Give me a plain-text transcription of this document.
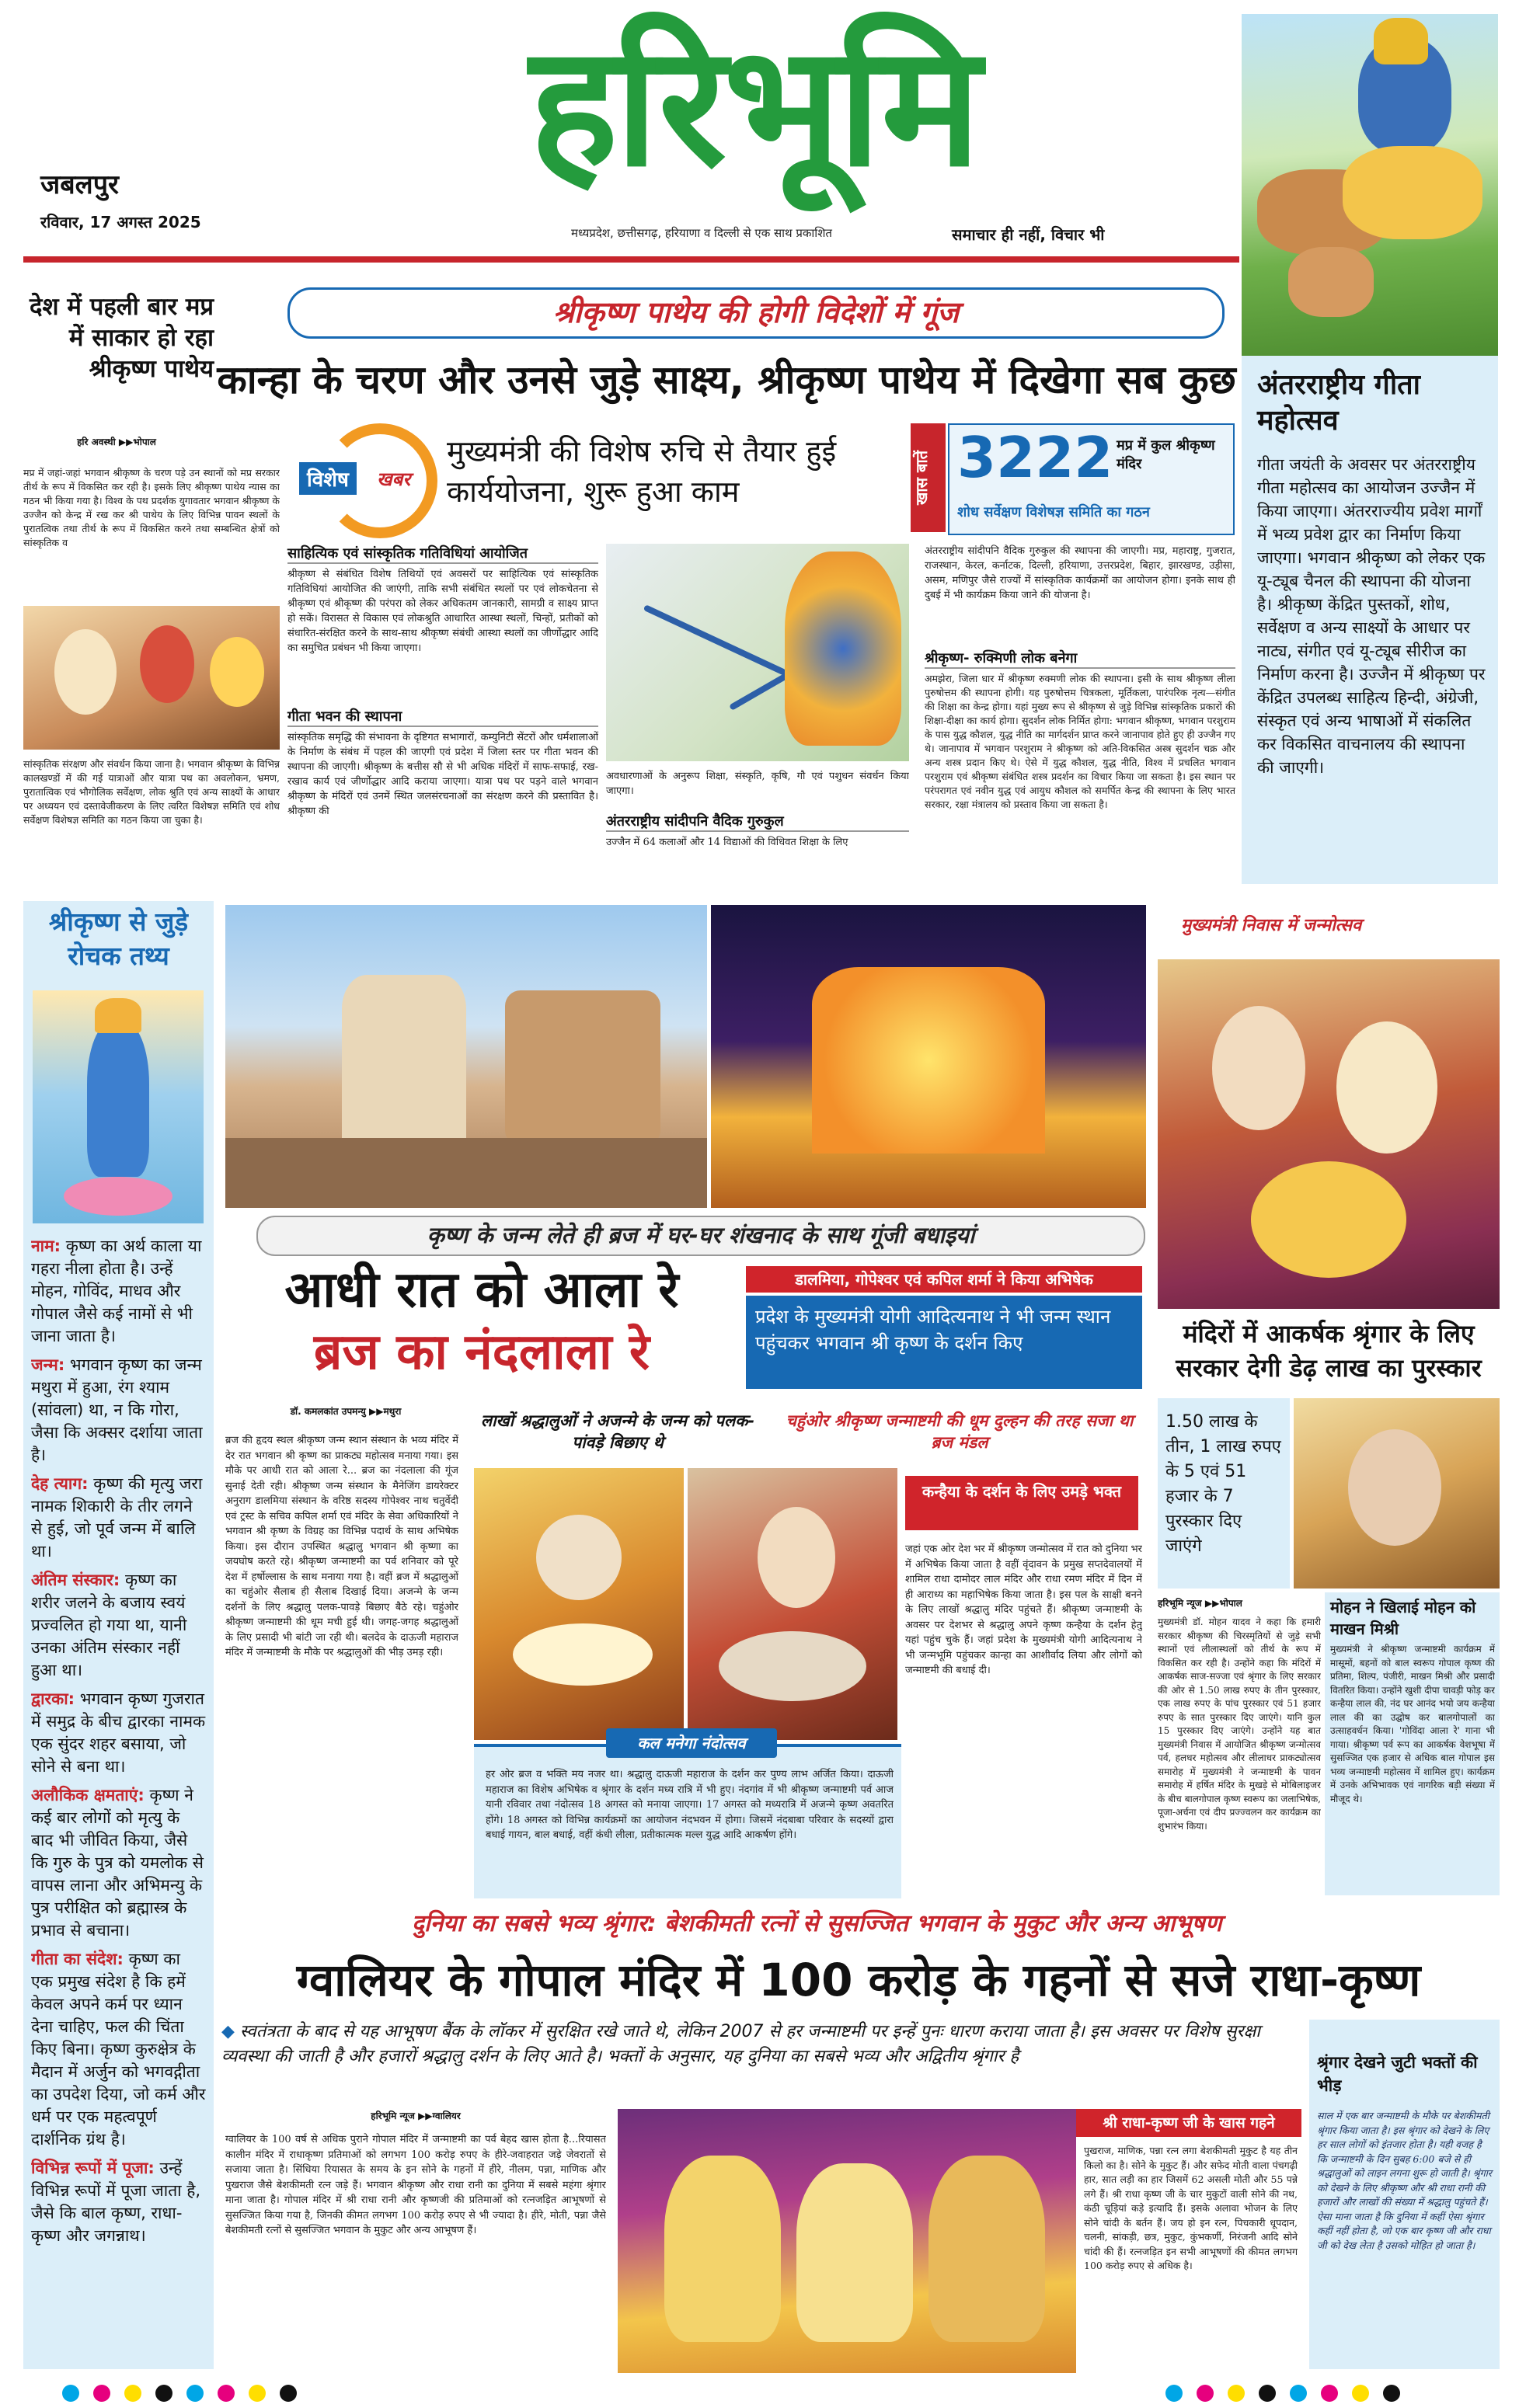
जबलपुर
रविवार, 17 अगस्त 2025
हरिभूमि
मध्यप्रदेश, छत्तीसगढ़, हरियाणा व दिल्ली से एक साथ प्रकाशित	समाचार ही नहीं, विचार भी
देश में पहली बार मप्र में साकार हो रहा श्रीकृष्ण पाथेय
हरि अवस्थी ▶▶भोपाल
मप्र में जहां-जहां भगवान श्रीकृष्ण के चरण पड़े उन स्थानों को मप्र सरकार तीर्थ के रूप में विकसित कर रही है। इसके लिए श्रीकृष्ण पाथेय न्यास का गठन भी किया गया है। विश्व के पथ प्रदर्शक युगावतार भगवान श्रीकृष्ण के उज्जैन को केन्द्र में रख कर श्री पाथेय के लिए विभिन्न पावन स्थलों के पुरातत्विक तथा तीर्थ के रूप में विकसित करने तथा सम्बन्धित क्षेत्रों को सांस्कृतिक व
सांस्कृतिक संरक्षण और संवर्धन किया जाना है। भगवान श्रीकृष्ण के विभिन्न कालखण्डों में की गई यात्राओं और यात्रा पथ का अवलोकन, भ्रमण, पुरातात्विक एवं भौगोलिक सर्वेक्षण, लोक श्रुति एवं अन्य साक्ष्यों के आधार पर अध्ययन एवं दस्तावेजीकरण के लिए त्वरित विशेषज्ञ समिति एवं शोध सर्वेक्षण विशेषज्ञ समिति का गठन किया जा चुका है।
श्रीकृष्ण पाथेय की होगी विदेशों में गूंज
कान्हा के चरण और उनसे जुड़े साक्ष्य, श्रीकृष्ण पाथेय में दिखेगा सब कुछ
विशेष	खबर
मुख्यमंत्री की विशेष रुचि से तैयार हुई कार्ययोजना, शुरू हुआ काम	खास बातें 3222 मप्र में कुल श्रीकृष्ण मंदिर
शोध सर्वेक्षण विशेषज्ञ समिति का गठन
साहित्यिक एवं सांस्कृतिक गतिविधियां आयोजित
श्रीकृष्ण से संबंधित विशेष तिथियों एवं अवसरों पर साहित्यिक एवं सांस्कृतिक गतिविधियां आयोजित की जाएंगी, ताकि सभी संबंधित स्थलों पर एवं लोकचेतना से श्रीकृष्ण एवं श्रीकृष्ण की परंपरा को लेकर अधिकतम जानकारी, सामग्री व साक्ष्य प्राप्त हो सकें। विरासत से विकास एवं लोकश्रुति आधारित आस्था स्थलों, चिन्हों, प्रतीकों को संधारित-संरक्षित करने के साथ-साथ श्रीकृष्ण संबंधी आस्था स्थलों का जीर्णोद्धार आदि का समुचित प्रबंधन भी किया जाएगा।
गीता भवन की स्थापना
सांस्कृतिक समृद्धि की संभावना के दृष्टिगत सभागारों, कम्युनिटी सेंटरों और धर्मशालाओं के निर्माण के संबंध में पहल की जाएगी एवं प्रदेश में जिला स्तर पर गीता भवन की स्थापना की जाएगी। श्रीकृष्ण के बत्तीस सौ से भी अधिक मंदिरों में साफ-सफाई, रख-रखाव कार्य एवं जीर्णोद्धार आदि कराया जाएगा। यात्रा पथ पर पड़ने वाले भगवान श्रीकृष्ण के मंदिरों एवं उनमें स्थित जलसंरचनाओं का संरक्षण करने की प्रस्तावित है। श्रीकृष्ण की
अवधारणाओं के अनुरूप शिक्षा, संस्कृति, कृषि, गौ एवं पशुधन संवर्धन किया जाएगा।
अंतरराष्ट्रीय सांदीपनि वैदिक गुरुकुल
उज्जैन में 64 कलाओं और 14 विद्याओं की विधिवत शिक्षा के लिए
अंतरराष्ट्रीय सांदीपनि वैदिक गुरुकुल की स्थापना की जाएगी। मप्र, महाराष्ट्र, गुजरात, राजस्थान, केरल, कर्नाटक, दिल्ली, हरियाणा, उत्तरप्रदेश, बिहार, झारखण्ड, उड़ीसा, असम, मणिपुर जैसे राज्यों में सांस्कृतिक कार्यक्रमों का आयोजन होगा। इनके साथ ही दुबई में भी कार्यक्रम किया जाने की योजना है।
श्रीकृष्ण- रुक्मिणी लोक बनेगा
अमझेरा, जिला धार में श्रीकृष्ण रुक्मणी लोक की स्थापना। इसी के साथ श्रीकृष्ण लीला पुरुषोत्तम की स्थापना होगी। यह पुरुषोत्तम चित्रकला, मूर्तिकला, पारंपरिक नृत्य—संगीत की शिक्षा का केन्द्र होगा। यहां मुख्य रूप से श्रीकृष्ण से जुड़े विभिन्न सांस्कृतिक प्रकारों की शिक्षा-दीक्षा का कार्य होगा। सुदर्शन लोक निर्मित होगा: भगवान श्रीकृष्ण, भगवान परशुराम के पास युद्ध कौशल, युद्ध नीति का मार्गदर्शन प्राप्त करने जानापाव होते हुए ही उज्जैन गए थे। जानापाव में भगवान परशुराम ने श्रीकृष्ण को अति-विकसित अस्त्र सुदर्शन चक्र और अन्य शस्त्र प्रदान किए थे। ऐसे में युद्ध कौशल, युद्ध नीति, विश्व में प्रचलित भगवान परशुराम एवं श्रीकृष्ण संबंधित शस्त्र प्रदर्शन का विचार किया जा सकता है। इस स्थान पर परंपरागत एवं नवीन युद्ध एवं आयुध कौशल को समर्पित केन्द्र की स्थापना के लिए भारत सरकार, रक्षा मंत्रालय को प्रस्ताव किया जा सकता है।
अंतरराष्ट्रीय गीता महोत्सव
गीता जयंती के अवसर पर अंतरराष्ट्रीय गीता महोत्सव का आयोजन उज्जैन में किया जाएगा। अंतरराज्यीय प्रवेश मार्गों में भव्य प्रवेश द्वार का निर्माण किया जाएगा। भगवान श्रीकृष्ण को लेकर एक यू-ट्यूब चैनल की स्थापना की योजना है। श्रीकृष्ण केंद्रित पुस्तकों, शोध, सर्वेक्षण व अन्य साक्ष्यों के आधार पर नाट्य, संगीत एवं यू-ट्यूब सीरीज का निर्माण करना है। उज्जैन में श्रीकृष्ण पर केंद्रित उपलब्ध साहित्य हिन्दी, अंग्रेजी, संस्कृत एवं अन्य भाषाओं में संकलित कर विकसित वाचनालय की स्थापना की जाएगी।
श्रीकृष्ण से जुड़े रोचक तथ्य
नाम: कृष्ण का अर्थ काला या गहरा नीला होता है। उन्हें मोहन, गोविंद, माधव और गोपाल जैसे कई नामों से भी जाना जाता है।
जन्म: भगवान कृष्ण का जन्म मथुरा में हुआ, रंग श्याम (सांवला) था, न कि गोरा, जैसा कि अक्सर दर्शाया जाता है।
देह त्याग: कृष्ण की मृत्यु जरा नामक शिकारी के तीर लगने से हुई, जो पूर्व जन्म में बालि था।
अंतिम संस्कार: कृष्ण का शरीर जलने के बजाय स्वयं प्रज्वलित हो गया था, यानी उनका अंतिम संस्कार नहीं हुआ था।
द्वारका: भगवान कृष्ण गुजरात में समुद्र के बीच द्वारका नामक एक सुंदर शहर बसाया, जो सोने से बना था।
अलौकिक क्षमताएं: कृष्ण ने कई बार लोगों को मृत्यु के बाद भी जीवित किया, जैसे कि गुरु के पुत्र को यमलोक से वापस लाना और अभिमन्यु के पुत्र परीक्षित को ब्रह्मास्त्र के प्रभाव से बचाना।
गीता का संदेश: कृष्ण का एक प्रमुख संदेश है कि हमें केवल अपने कर्म पर ध्यान देना चाहिए, फल की चिंता किए बिना। कृष्ण कुरुक्षेत्र के मैदान में अर्जुन को भगवद्गीता का उपदेश दिया, जो कर्म और धर्म पर एक महत्वपूर्ण दार्शनिक ग्रंथ है।
विभिन्न रूपों में पूजा: उन्हें विभिन्न रूपों में पूजा जाता है, जैसे कि बाल कृष्ण, राधा-कृष्ण और जगन्नाथ।
कृष्ण के जन्म लेते ही ब्रज में घर-घर शंखनाद के साथ गूंजी बधाइयां
आधी रात को आला रे
ब्रज का नंदलाला रे
डालमिया, गोपेश्वर एवं कपिल शर्मा ने किया अभिषेक
प्रदेश के मुख्यमंत्री योगी आदित्यनाथ ने भी जन्म स्थान पहुंचकर भगवान श्री कृष्ण के दर्शन किए
डॉ. कमलकांत उपमन्यु ▶▶मथुरा
ब्रज की हृदय स्थल श्रीकृष्ण जन्म स्थान संस्थान के भव्य मंदिर में देर रात भगवान श्री कृष्ण का प्राकट्य महोत्सव मनाया गया। इस मौके पर आधी रात को आला रे... ब्रज का नंदलाला की गूंज सुनाई देती रही। श्रीकृष्ण जन्म संस्थान के मैनेजिंग डायरेक्टर अनुराग डालमिया संस्थान के वरिष्ठ सदस्य गोपेश्वर नाथ चतुर्वेदी एवं ट्रस्ट के सचिव कपिल शर्मा एवं मंदिर के सेवा अधिकारियों ने भगवान श्री कृष्ण के विग्रह का विभिन्न पदार्थ के साथ अभिषेक किया। इस दौरान उपस्थित श्रद्धालु भगवान श्री कृष्णा का जयघोष करते रहे। श्रीकृष्ण जन्माष्टमी का पर्व शनिवार को पूरे देश में हर्षोल्लास के साथ मनाया गया है। वहीं ब्रज में श्रद्धालुओं का चहुंओर सैलाब ही सैलाब दिखाई दिया। अजन्मे के जन्म दर्शनों के लिए श्रद्धालु पलक-पावड़े बिछाए बैठे रहे। चहुंओर श्रीकृष्ण जन्माष्टमी की धूम मची हुई थी। जगह-जगह श्रद्धालुओं के लिए प्रसादी भी बांटी जा रही थी। बलदेव के दाऊजी महाराज मंदिर में जन्माष्टमी के मौके पर श्रद्धालुओं की भीड़ उमड़ रही।
लाखों श्रद्धालुओं ने अजन्मे के जन्म को पलक-पांवड़े बिछाए थे
चहुंओर श्रीकृष्ण जन्माष्टमी की धूम दुल्हन की तरह सजा था ब्रज मंडल
कन्हैया के दर्शन के लिए उमड़े भक्त
जहां एक ओर देश भर में श्रीकृष्ण जन्मोत्सव में रात को दुनिया भर में अभिषेक किया जाता है वहीं वृंदावन के प्रमुख सप्तदेवालयों में शामिल राधा दामोदर लाल मंदिर और राधा रमण मंदिर में दिन में ही आराध्य का महाभिषेक किया जाता है। इस पल के साक्षी बनने के लिए लाखों श्रद्धालु मंदिर पहुंचते हैं। श्रीकृष्ण जन्माष्टमी के अवसर पर देशभर से श्रद्धालु अपने कृष्ण कन्हैया के दर्शन हेतु यहां पहुंच चुके हैं। जहां प्रदेश के मुख्यमंत्री योगी आदित्यनाथ ने भी जन्मभूमि पहुंचकर कान्हा का आशीर्वाद लिया और लोगों को जन्माष्टमी की बधाई दी।
कल मनेगा नंदोत्सव
हर ओर ब्रज व भक्ति मय नजर था। श्रद्धालु दाऊजी महाराज के दर्शन कर पुण्य लाभ अर्जित किया। दाऊजी महाराज का विशेष अभिषेक व श्रृंगार के दर्शन मध्य रात्रि में भी हुए। नंदगांव में भी श्रीकृष्ण जन्माष्टमी पर्व आज यानी रविवार तथा नंदोत्सव 18 अगस्त को मनाया जाएगा। 17 अगस्त को मध्यरात्रि में अजन्मे कृष्ण अवतरित होंगे। 18 अगस्त को विभिन्न कार्यक्रमों का आयोजन नंदभवन में होगा। जिसमें नंदबाबा परिवार के सदस्यों द्वारा बधाई गायन, बाल बधाई, वहीं कंधी लीला, प्रतीकात्मक मल्ल युद्ध आदि आकर्षण होंगे।
मुख्यमंत्री निवास में जन्मोत्सव
मंदिरों में आकर्षक श्रृंगार के लिए सरकार देगी डेढ़ लाख का पुरस्कार
1.50 लाख के तीन, 1 लाख रुपए के 5 एवं 51 हजार के 7 पुरस्कार दिए जाएंगे
हरिभूमि न्यूज ▶▶भोपाल
मुख्यमंत्री डॉ. मोहन यादव ने कहा कि हमारी सरकार श्रीकृष्ण की चिरस्मृतियों से जुड़े सभी स्थानों एवं लीलास्थलों को तीर्थ के रूप में विकसित कर रही है। उन्होंने कहा कि मंदिरों में आकर्षक साज-सज्जा एवं श्रृंगार के लिए सरकार की ओर से 1.50 लाख रुपए के तीन पुरस्कार, एक लाख रुपए के पांच पुरस्कार एवं 51 हजार रुपए के सात पुरस्कार दिए जाएंगे। यानि कुल 15 पुरस्कार दिए जाएंगे। उन्होंने यह बात मुख्यमंत्री निवास में आयोजित श्रीकृष्ण जन्मोत्सव पर्व, हलधर महोत्सव और लीलाधर प्राकट्योत्सव समारोह में मुख्यमंत्री ने जन्माष्टमी के पावन समारोह में हर्षित मंदिर के मुखड़े से मोबिलाइजर के बीच बालगोपाल कृष्ण स्वरूप का जलाभिषेक, पूजा-अर्चना एवं दीप प्रज्ज्वलन कर कार्यक्रम का शुभारंभ किया।
मोहन ने खिलाई मोहन को माखन मिश्री
मुख्यमंत्री ने श्रीकृष्ण जन्माष्टमी कार्यक्रम में मासूमों, बहनों को बाल स्वरूप गोपाल कृष्ण की प्रतिमा, शिल्प, पंजीरी, माखन मिश्री और प्रसादी वितरित किया। उन्होंने खुशी दीपा चावड़ी फोड़ कर कन्हैया लाल की, नंद घर आनंद भयो जय कन्हैया लाल की का उद्घोष कर बालगोपालों का उत्साहवर्धन किया। 'गोविंदा आला रे' गाना भी गाया। श्रीकृष्ण पर्व रूप का आकर्षक वेशभूषा में सुसज्जित एक हजार से अधिक बाल गोपाल इस भव्य जन्माष्टमी महोत्सव में शामिल हुए। कार्यक्रम में उनके अभिभावक एवं नागरिक बड़ी संख्या में मौजूद थे।
दुनिया का सबसे भव्य श्रृंगार: बेशकीमती रत्नों से सुसज्जित भगवान के मुकुट और अन्य आभूषण
ग्वालियर के गोपाल मंदिर में 100 करोड़ के गहनों से सजे राधा-कृष्ण
◆ स्वतंत्रता के बाद से यह आभूषण बैंक के लॉकर में सुरक्षित रखे जाते थे, लेकिन 2007 से हर जन्माष्टमी पर इन्हें पुनः धारण कराया जाता है। इस अवसर पर विशेष सुरक्षा व्यवस्था की जाती है और हजारों श्रद्धालु दर्शन के लिए आते है। भक्तों के अनुसार, यह दुनिया का सबसे भव्य और अद्वितीय श्रृंगार है
हरिभूमि न्यूज ▶▶ग्वालियर
ग्वालियर के 100 वर्ष से अधिक पुराने गोपाल मंदिर में जन्माष्टमी का पर्व बेहद खास होता है...रियासत कालीन मंदिर में राधाकृष्ण प्रतिमाओं को लगभग 100 करोड़ रुपए के हीरे-जवाहरात जड़े जेवरातों से सजाया जाता है। सिंधिया रियासत के समय के इन सोने के गहनों में हीरे, नीलम, पन्ना, माणिक और पुखराज जैसे बेशकीमती रत्न जड़े हैं। भगवान श्रीकृष्ण और राधा रानी का दुनिया में सबसे महंगा श्रृंगार माना जाता है। गोपाल मंदिर में श्री राधा रानी और कृष्णजी की प्रतिमाओं को रत्नजड़ित आभूषणों से सुसज्जित किया गया है, जिनकी कीमत लगभग 100 करोड़ रुपए से भी ज्यादा है। हीरे, मोती, पन्ना जैसे बेशकीमती रत्नों से सुसज्जित भगवान के मुकुट और अन्य आभूषण हैं।
श्री राधा-कृष्ण जी के खास गहने
पुखराज, माणिक, पन्ना रत्न लगा बेशकीमती मुकुट है यह तीन किलो का है। सोने के मुकुट हैं। और सफेद मोती वाला पंचगढ़ी हार, सात लड़ी का हार जिसमें 62 असली मोती और 55 पन्ने लगे हैं। श्री राधा कृष्ण जी के चार मुकुटों वाली सोने की नथ, कंठी चूड़ियां कड़े इत्यादि हैं। इसके अलावा भोजन के लिए सोने चांदी के बर्तन हैं। जय हो इन रत्न, पिचकारी धूपदान, चलनी, सांकड़ी, छत्र, मुकुट, कुंभकर्णी, निरंजनी आदि सोने चांदी की हैं। रत्नजड़ित इन सभी आभूषणों की कीमत लगभग 100 करोड़ रुपए से अधिक है।
श्रृंगार देखने जुटी भक्तों की भीड़
साल में एक बार जन्माष्टमी के मौके पर बेशकीमती श्रृंगार किया जाता है। इस श्रृंगार को देखने के लिए हर साल लोगों को इंतजार होता है। यही वजह है कि जन्माष्टमी के दिन सुबह 6:00 बजे से ही श्रद्धालुओं को लाइन लगना शुरू हो जाती है। श्रृंगार को देखने के लिए श्रीकृष्ण और श्री राधा रानी की हजारों और लाखों की संख्या में श्रद्धालु पहुंचते हैं। ऐसा माना जाता है कि दुनिया में कहीं ऐसा श्रृंगार कहीं नहीं होता है, जो एक बार कृष्ण जी और राधा जी को देख लेता है उसको मोहित हो जाता है।
